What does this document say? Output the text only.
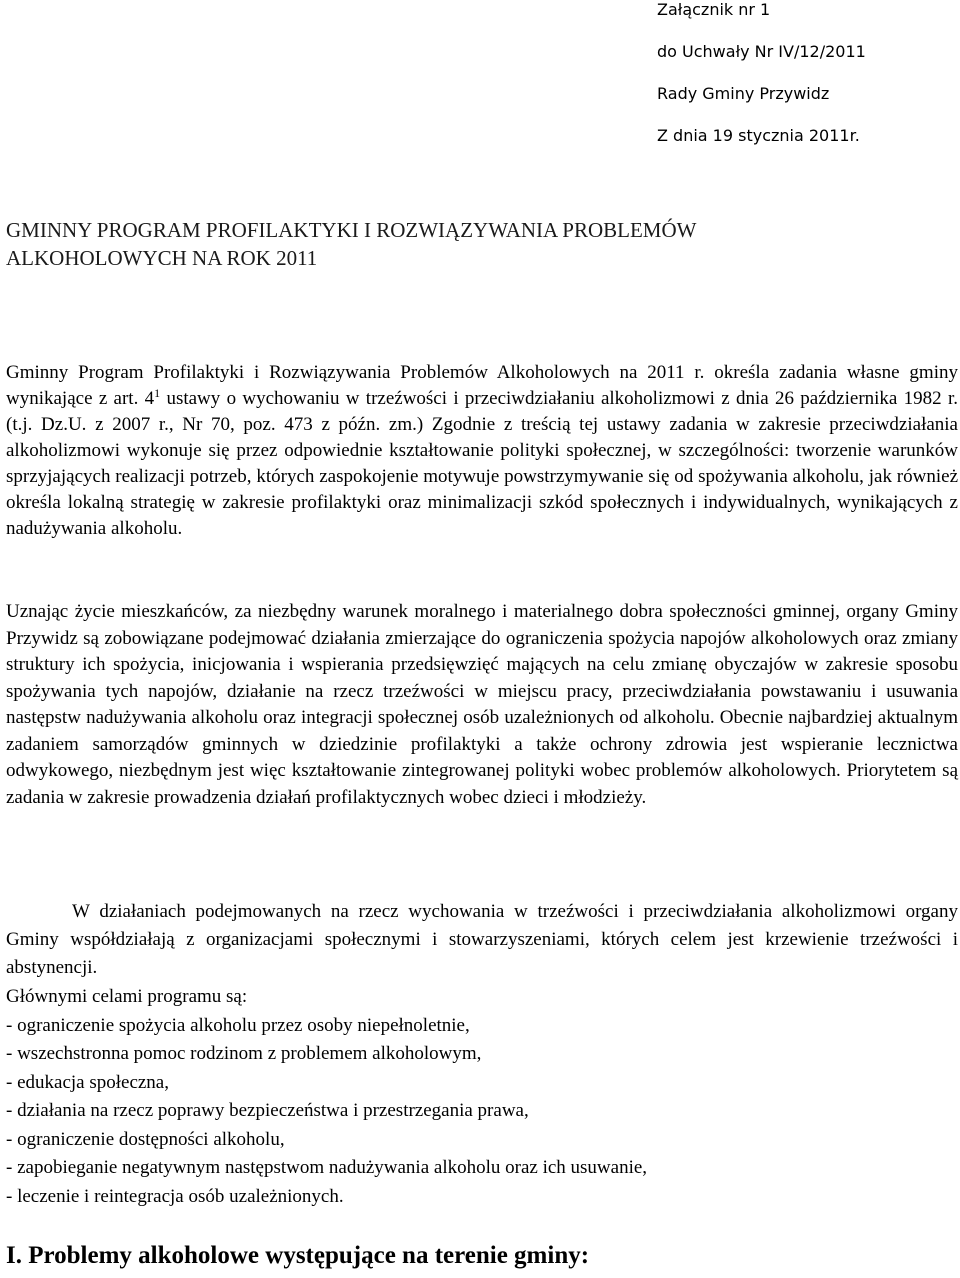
Załącznik nr 1
do Uchwały Nr IV/12/2011
Rady Gminy Przywidz
Z dnia 19 stycznia 2011r.
GMINNY PROGRAM PROFILAKTYKI I ROZWIĄZYWANIA PROBLEMÓW
ALKOHOLOWYCH NA ROK 2011
Gminny Program Profilaktyki i Rozwiązywania Problemów Alkoholowych na 2011 r. określa zadania własne gminy wynikające z art. $4^1$ ustawy o wychowaniu w trzeźwości i przeciwdziałaniu alkoholizmowi z dnia 26 października 1982 r. (t.j. Dz.U. z 2007 r., Nr 70, poz. 473 z późn. zm.) Zgodnie z treścią tej ustawy zadania w zakresie przeciwdziałania alkoholizmowi wykonuje się przez odpowiednie kształtowanie polityki społecznej, w szczególności: tworzenie warunków sprzyjających realizacji potrzeb, których zaspokojenie motywuje powstrzymywanie się od spożywania alkoholu, jak również określa lokalną strategię w zakresie profilaktyki oraz minimalizacji szkód społecznych i indywidualnych, wynikających z nadużywania alkoholu.
Uznając życie mieszkańców, za niezbędny warunek moralnego i materialnego dobra społeczności gminnej, organy Gminy Przywidz są zobowiązane podejmować działania zmierzające do ograniczenia spożycia napojów alkoholowych oraz zmiany struktury ich spożycia, inicjowania i wspierania przedsięwzięć mających na celu zmianę obyczajów w zakresie sposobu spożywania tych napojów, działanie na rzecz trzeźwości w miejscu pracy, przeciwdziałania powstawaniu i usuwania następstw nadużywania alkoholu oraz integracji społecznej osób uzależnionych od alkoholu. Obecnie najbardziej aktualnym zadaniem samorządów gminnych w dziedzinie profilaktyki a także ochrony zdrowia jest wspieranie lecznictwa odwykowego, niezbędnym jest więc kształtowanie zintegrowanej polityki wobec problemów alkoholowych. Priorytetem są zadania w zakresie prowadzenia działań profilaktycznych wobec dzieci i młodzieży.
W działaniach podejmowanych na rzecz wychowania w trzeźwości i przeciwdziałania alkoholizmowi organy Gminy współdziałają z organizacjami społecznymi i stowarzyszeniami, których celem jest krzewienie trzeźwości i abstynencji.
Głównymi celami programu są:
- ograniczenie spożycia alkoholu przez osoby niepełnoletnie,
- wszechstronna pomoc rodzinom z problemem alkoholowym,
- edukacja społeczna,
- działania na rzecz poprawy bezpieczeństwa i przestrzegania prawa,
- ograniczenie dostępności alkoholu,
- zapobieganie negatywnym następstwom nadużywania alkoholu oraz ich usuwanie,
- leczenie i reintegracja osób uzależnionych.
I. Problemy alkoholowe występujące na terenie gminy:
